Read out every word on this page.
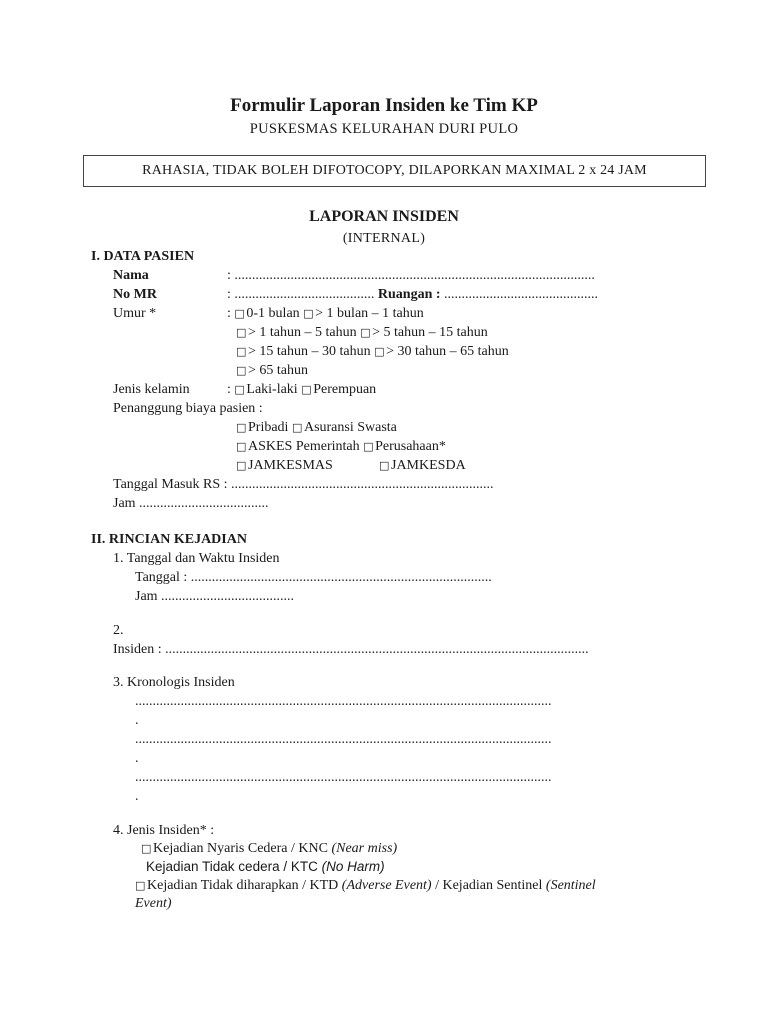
Formulir Laporan Insiden ke Tim KP
PUSKESMAS KELURAHAN DURI PULO
RAHASIA, TIDAK BOLEH DIFOTOCOPY, DILAPORKAN MAXIMAL 2 x 24 JAM
LAPORAN INSIDEN
(INTERNAL)
I. DATA PASIEN
Nama	: .......................................................................................................
No MR	: ........................................ Ruangan : ............................................
Umur *	: □ 0-1 bulan □ > 1 bulan – 1 tahun
□ > 1 tahun – 5 tahun □ > 5 tahun – 15 tahun
□ > 15 tahun – 30 tahun □ > 30 tahun – 65 tahun
□ > 65 tahun
Jenis kelamin	: □ Laki-laki □ Perempuan
Penanggung biaya pasien :
□ Pribadi □ Asuransi Swasta
□ ASKES Pemerintah □ Perusahaan*
□ JAMKESMAS	□ JAMKESDA
Tanggal Masuk RS : ...........................................................................
Jam .....................................
II. RINCIAN KEJADIAN
1. Tanggal dan Waktu Insiden
Tanggal : ......................................................................................
Jam ......................................
2.
Insiden : .........................................................................................................................
3. Kronologis Insiden
.......................................................................................................................
.
.......................................................................................................................
.
.......................................................................................................................
.
4. Jenis Insiden* :
□ Kejadian Nyaris Cedera / KNC (Near miss)
Kejadian Tidak cedera / KTC (No Harm)
□ Kejadian Tidak diharapkan / KTD (Adverse Event) / Kejadian Sentinel (Sentinel
Event)
